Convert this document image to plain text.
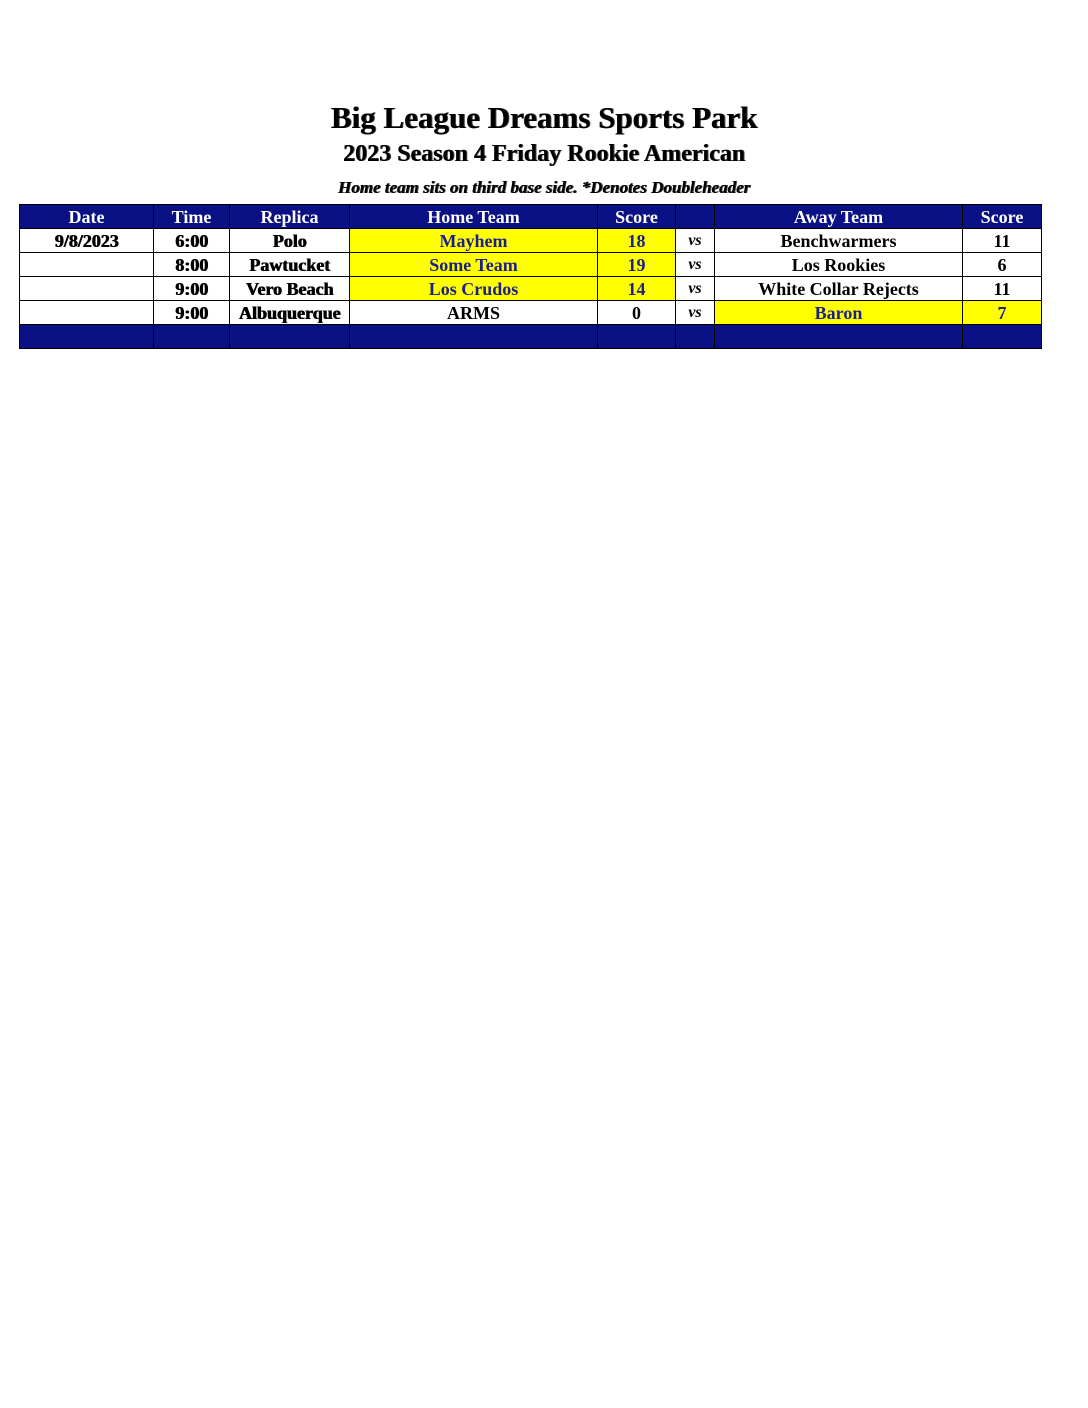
Big League Dreams Sports Park
2023 Season 4 Friday Rookie American
Home team sits on third base side. *Denotes Doubleheader
Date	Time	Replica	Home Team	Score		Away Team	Score
9/8/2023	6:00	Polo	Mayhem	18	vs	Benchwarmers	11
	8:00	Pawtucket	Some Team	19	vs	Los Rookies	6
	9:00	Vero Beach	Los Crudos	14	vs	White Collar Rejects	11
	9:00	Albuquerque	ARMS	0	vs	Baron	7
